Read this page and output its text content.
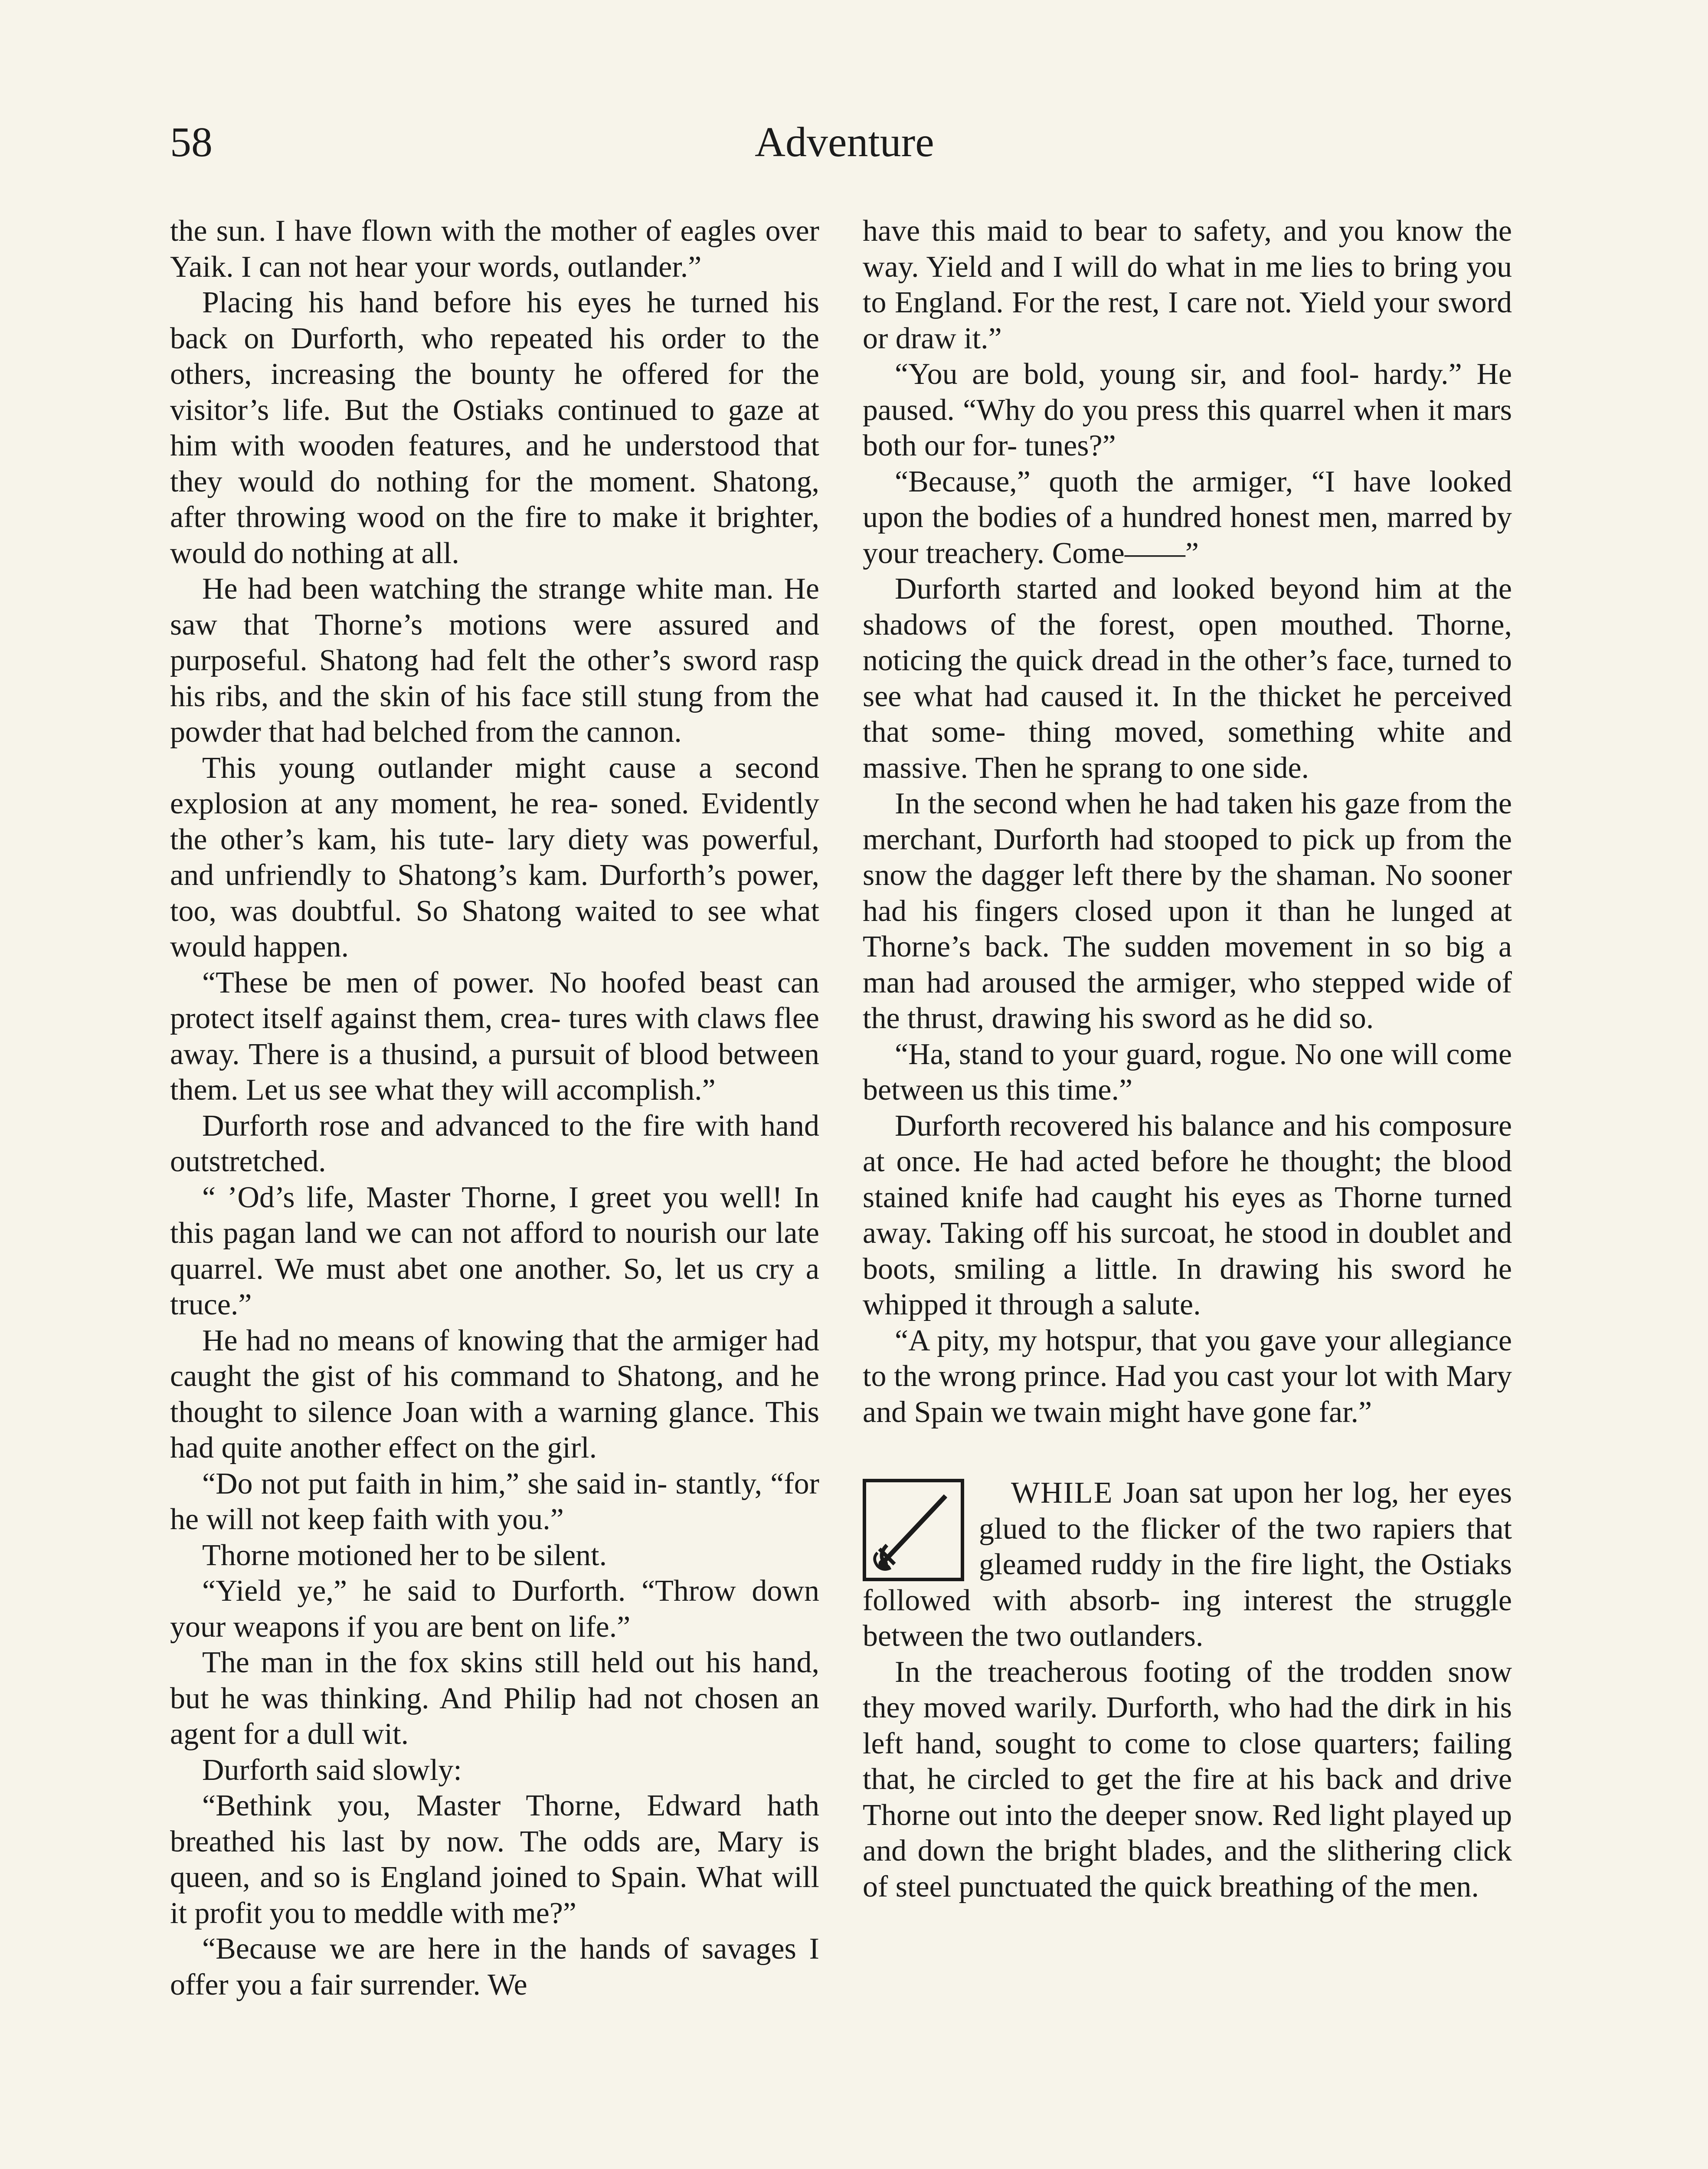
58	Adventure

the sun. I have flown with the mother of eagles over Yaik. I can not hear your words, outlander.”

Placing his hand before his eyes he turned his back on Durforth, who repeated his order to the others, increasing the bounty he offered for the visitor’s life. But the Ostiaks continued to gaze at him with wooden features, and he understood that they would do nothing for the moment. Shatong, after throwing wood on the fire to make it brighter, would do nothing at all.

He had been watching the strange white man. He saw that Thorne’s motions were assured and purposeful. Shatong had felt the other’s sword rasp his ribs, and the skin of his face still stung from the powder that had belched from the cannon.

This young outlander might cause a second explosion at any moment, he rea- soned. Evidently the other’s kam, his tute- lary diety was powerful, and unfriendly to Shatong’s kam. Durforth’s power, too, was doubtful. So Shatong waited to see what would happen.

“These be men of power. No hoofed beast can protect itself against them, crea- tures with claws flee away. There is a thusind, a pursuit of blood between them. Let us see what they will accomplish.”

Durforth rose and advanced to the fire with hand outstretched.

“ ’Od’s life, Master Thorne, I greet you well! In this pagan land we can not afford to nourish our late quarrel. We must abet one another. So, let us cry a truce.”

He had no means of knowing that the armiger had caught the gist of his command to Shatong, and he thought to silence Joan with a warning glance. This had quite another effect on the girl.

“Do not put faith in him,” she said in- stantly, “for he will not keep faith with you.”

Thorne motioned her to be silent.

“Yield ye,” he said to Durforth. “Throw down your weapons if you are bent on life.”

The man in the fox skins still held out his hand, but he was thinking. And Philip had not chosen an agent for a dull wit.

Durforth said slowly:

“Bethink you, Master Thorne, Edward hath breathed his last by now. The odds are, Mary is queen, and so is England joined to Spain. What will it profit you to meddle with me?”

“Because we are here in the hands of savages I offer you a fair surrender. We

have this maid to bear to safety, and you know the way. Yield and I will do what in me lies to bring you to England. For the rest, I care not. Yield your sword or draw it.”

“You are bold, young sir, and fool- hardy.” He paused. “Why do you press this quarrel when it mars both our for- tunes?”

“Because,” quoth the armiger, “I have looked upon the bodies of a hundred honest men, marred by your treachery. Come——”

Durforth started and looked beyond him at the shadows of the forest, open mouthed. Thorne, noticing the quick dread in the other’s face, turned to see what had caused it. In the thicket he perceived that some- thing moved, something white and massive. Then he sprang to one side.

In the second when he had taken his gaze from the merchant, Durforth had stooped to pick up from the snow the dagger left there by the shaman. No sooner had his fingers closed upon it than he lunged at Thorne’s back. The sudden movement in so big a man had aroused the armiger, who stepped wide of the thrust, drawing his sword as he did so.

“Ha, stand to your guard, rogue. No one will come between us this time.”

Durforth recovered his balance and his composure at once. He had acted before he thought; the blood stained knife had caught his eyes as Thorne turned away. Taking off his surcoat, he stood in doublet and boots, smiling a little. In drawing his sword he whipped it through a salute.

“A pity, my hotspur, that you gave your allegiance to the wrong prince. Had you cast your lot with Mary and Spain we twain might have gone far.”

WHILE Joan sat upon her log, her eyes glued to the flicker of the two rapiers that gleamed ruddy in the fire light, the Ostiaks followed with absorb- ing interest the struggle between the two outlanders.

In the treacherous footing of the trodden snow they moved warily. Durforth, who had the dirk in his left hand, sought to come to close quarters; failing that, he circled to get the fire at his back and drive Thorne out into the deeper snow. Red light played up and down the bright blades, and the slithering click of steel punctuated the quick breathing of the men.
